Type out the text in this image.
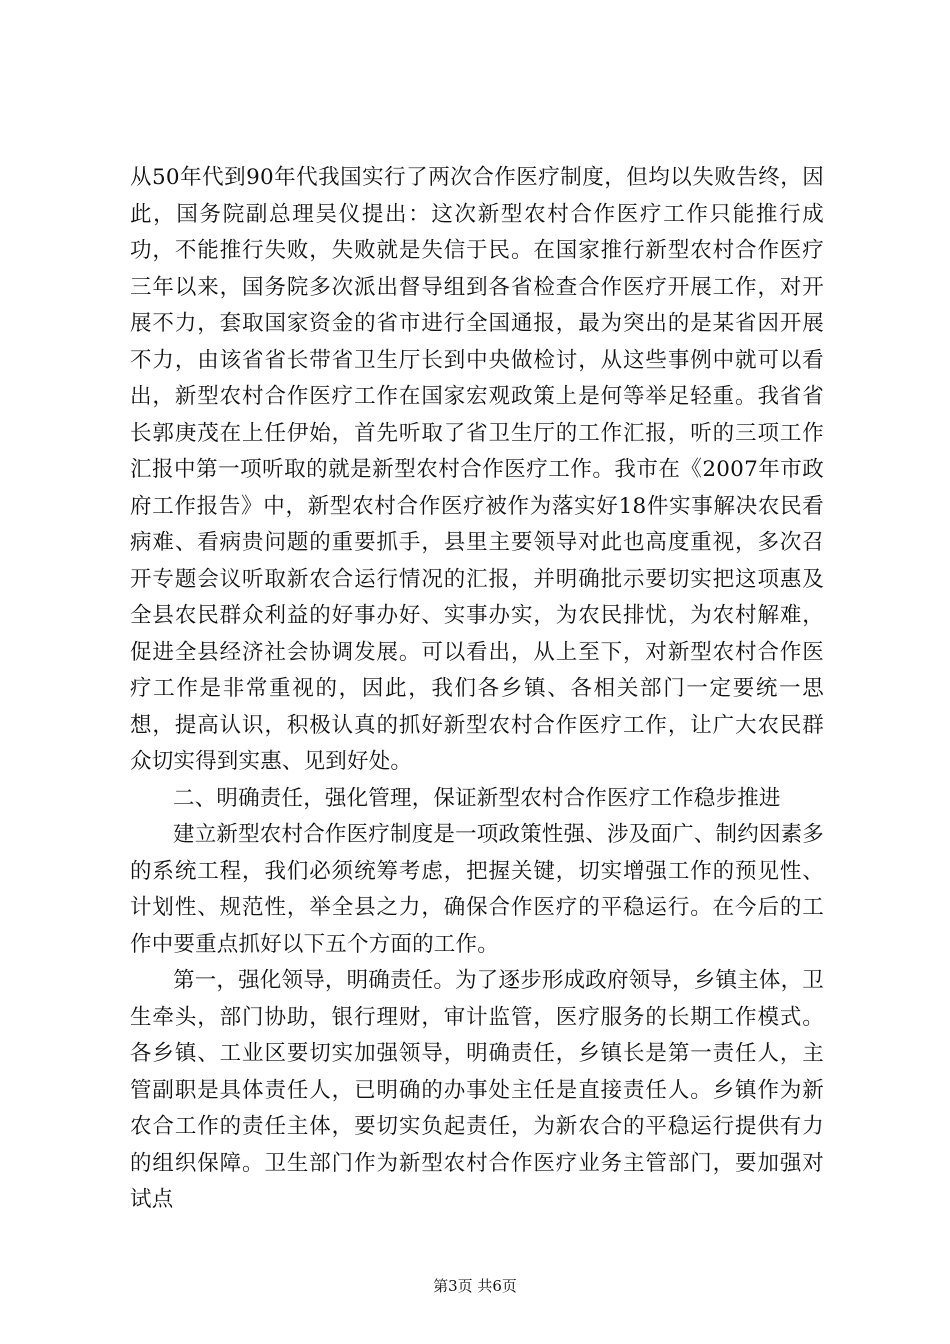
从50年代到90年代我国实行了两次合作医疗制度，但均以失败告终，因此，国务院副总理吴仪提出：这次新型农村合作医疗工作只能推行成功，不能推行失败，失败就是失信于民。在国家推行新型农村合作医疗三年以来，国务院多次派出督导组到各省检查合作医疗开展工作，对开展不力，套取国家资金的省市进行全国通报，最为突出的是某省因开展不力，由该省省长带省卫生厅长到中央做检讨，从这些事例中就可以看出，新型农村合作医疗工作在国家宏观政策上是何等举足轻重。我省省长郭庚茂在上任伊始，首先听取了省卫生厅的工作汇报，听的三项工作汇报中第一项听取的就是新型农村合作医疗工作。我市在《2007年市政府工作报告》中，新型农村合作医疗被作为落实好18件实事解决农民看病难、看病贵问题的重要抓手，县里主要领导对此也高度重视，多次召开专题会议听取新农合运行情况的汇报，并明确批示要切实把这项惠及全县农民群众利益的好事办好、实事办实，为农民排忧，为农村解难，促进全县经济社会协调发展。可以看出，从上至下，对新型农村合作医疗工作是非常重视的，因此，我们各乡镇、各相关部门一定要统一思想，提高认识，积极认真的抓好新型农村合作医疗工作，让广大农民群众切实得到实惠、见到好处。

二、明确责任，强化管理，保证新型农村合作医疗工作稳步推进

建立新型农村合作医疗制度是一项政策性强、涉及面广、制约因素多的系统工程，我们必须统筹考虑，把握关键，切实增强工作的预见性、计划性、规范性，举全县之力，确保合作医疗的平稳运行。在今后的工作中要重点抓好以下五个方面的工作。

第一，强化领导，明确责任。为了逐步形成政府领导，乡镇主体，卫生牵头，部门协助，银行理财，审计监管，医疗服务的长期工作模式。各乡镇、工业区要切实加强领导，明确责任，乡镇长是第一责任人，主管副职是具体责任人，已明确的办事处主任是直接责任人。乡镇作为新农合工作的责任主体，要切实负起责任，为新农合的平稳运行提供有力的组织保障。卫生部门作为新型农村合作医疗业务主管部门，要加强对试点

第3页 共6页
